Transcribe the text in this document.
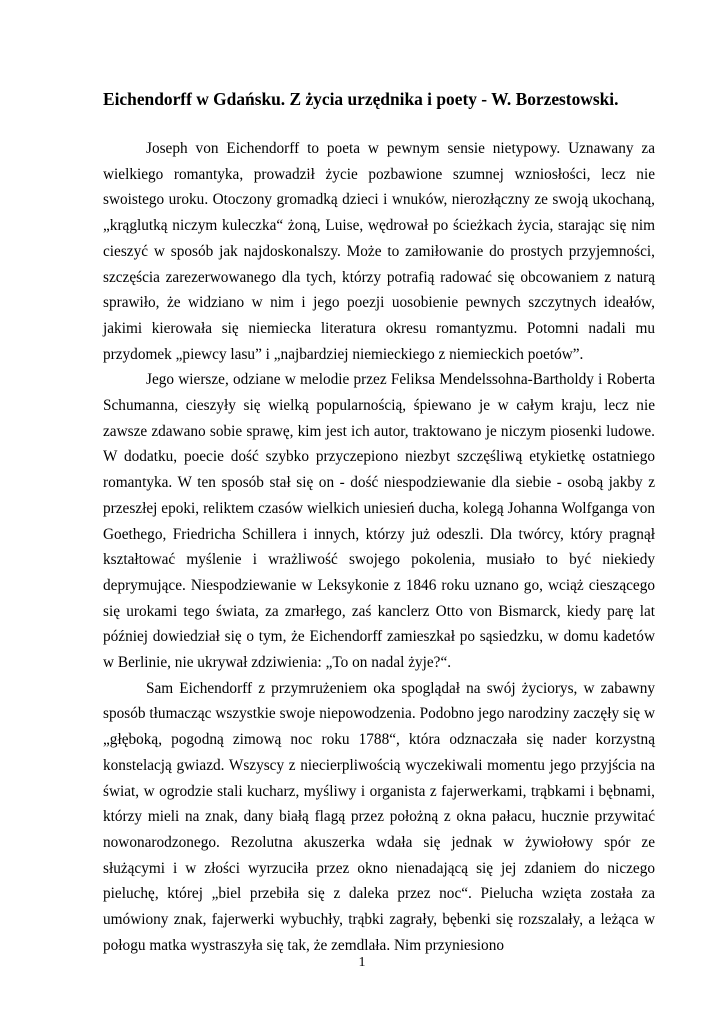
Eichendorff w Gdańsku. Z życia urzędnika i poety - W. Borzestowski.

Joseph von Eichendorff to poeta w pewnym sensie nietypowy. Uznawany za wielkiego romantyka, prowadził życie pozbawione szumnej wzniosłości, lecz nie swoistego uroku. Otoczony gromadką dzieci i wnuków, nierozłączny ze swoją ukochaną, „krąglutką niczym kuleczka“ żoną, Luise, wędrował po ścieżkach życia, starając się nim cieszyć w sposób jak najdoskonalszy. Może to zamiłowanie do prostych przyjemności, szczęścia zarezerwowanego dla tych, którzy potrafią radować się obcowaniem z naturą sprawiło, że widziano w nim i jego poezji uosobienie pewnych szczytnych ideałów, jakimi kierowała się niemiecka literatura okresu romantyzmu. Potomni nadali mu przydomek „piewcy lasu” i „najbardziej niemieckiego z niemieckich poetów”.

Jego wiersze, odziane w melodie przez Feliksa Mendelssohna-Bartholdy i Roberta Schumanna, cieszyły się wielką popularnością, śpiewano je w całym kraju, lecz nie zawsze zdawano sobie sprawę, kim jest ich autor, traktowano je niczym piosenki ludowe. W dodatku, poecie dość szybko przyczepiono niezbyt szczęśliwą etykietkę ostatniego romantyka. W ten sposób stał się on - dość niespodziewanie dla siebie - osobą jakby z przeszłej epoki, reliktem czasów wielkich uniesień ducha, kolegą Johanna Wolfganga von Goethego, Friedricha Schillera i innych, którzy już odeszli. Dla twórcy, który pragnął kształtować myślenie i wrażliwość swojego pokolenia, musiało to być niekiedy deprymujące. Niespodziewanie w Leksykonie z 1846 roku uznano go, wciąż cieszącego się urokami tego świata, za zmarłego, zaś kanclerz Otto von Bismarck, kiedy parę lat później dowiedział się o tym, że Eichendorff zamieszkał po sąsiedzku, w domu kadetów w Berlinie, nie ukrywał zdziwienia: „To on nadal żyje?“.

Sam Eichendorff z przymrużeniem oka spoglądał na swój życiorys, w zabawny sposób tłumacząc wszystkie swoje niepowodzenia. Podobno jego narodziny zaczęły się w „głęboką, pogodną zimową noc roku 1788“, która odznaczała się nader korzystną konstelacją gwiazd. Wszyscy z niecierpliwością wyczekiwali momentu jego przyjścia na świat, w ogrodzie stali kucharz, myśliwy i organista z fajerwerkami, trąbkami i bębnami, którzy mieli na znak, dany białą flagą przez położną z okna pałacu, hucznie przywitać nowonarodzonego. Rezolutna akuszerka wdała się jednak w żywiołowy spór ze służącymi i w złości wyrzuciła przez okno nienadającą się jej zdaniem do niczego pieluchę, której „biel przebiła się z daleka przez noc“. Pielucha wzięta została za umówiony znak, fajerwerki wybuchły, trąbki zagrały, bębenki się rozszalały, a leżąca w połogu matka wystraszyła się tak, że zemdlała. Nim przyniesiono

1
